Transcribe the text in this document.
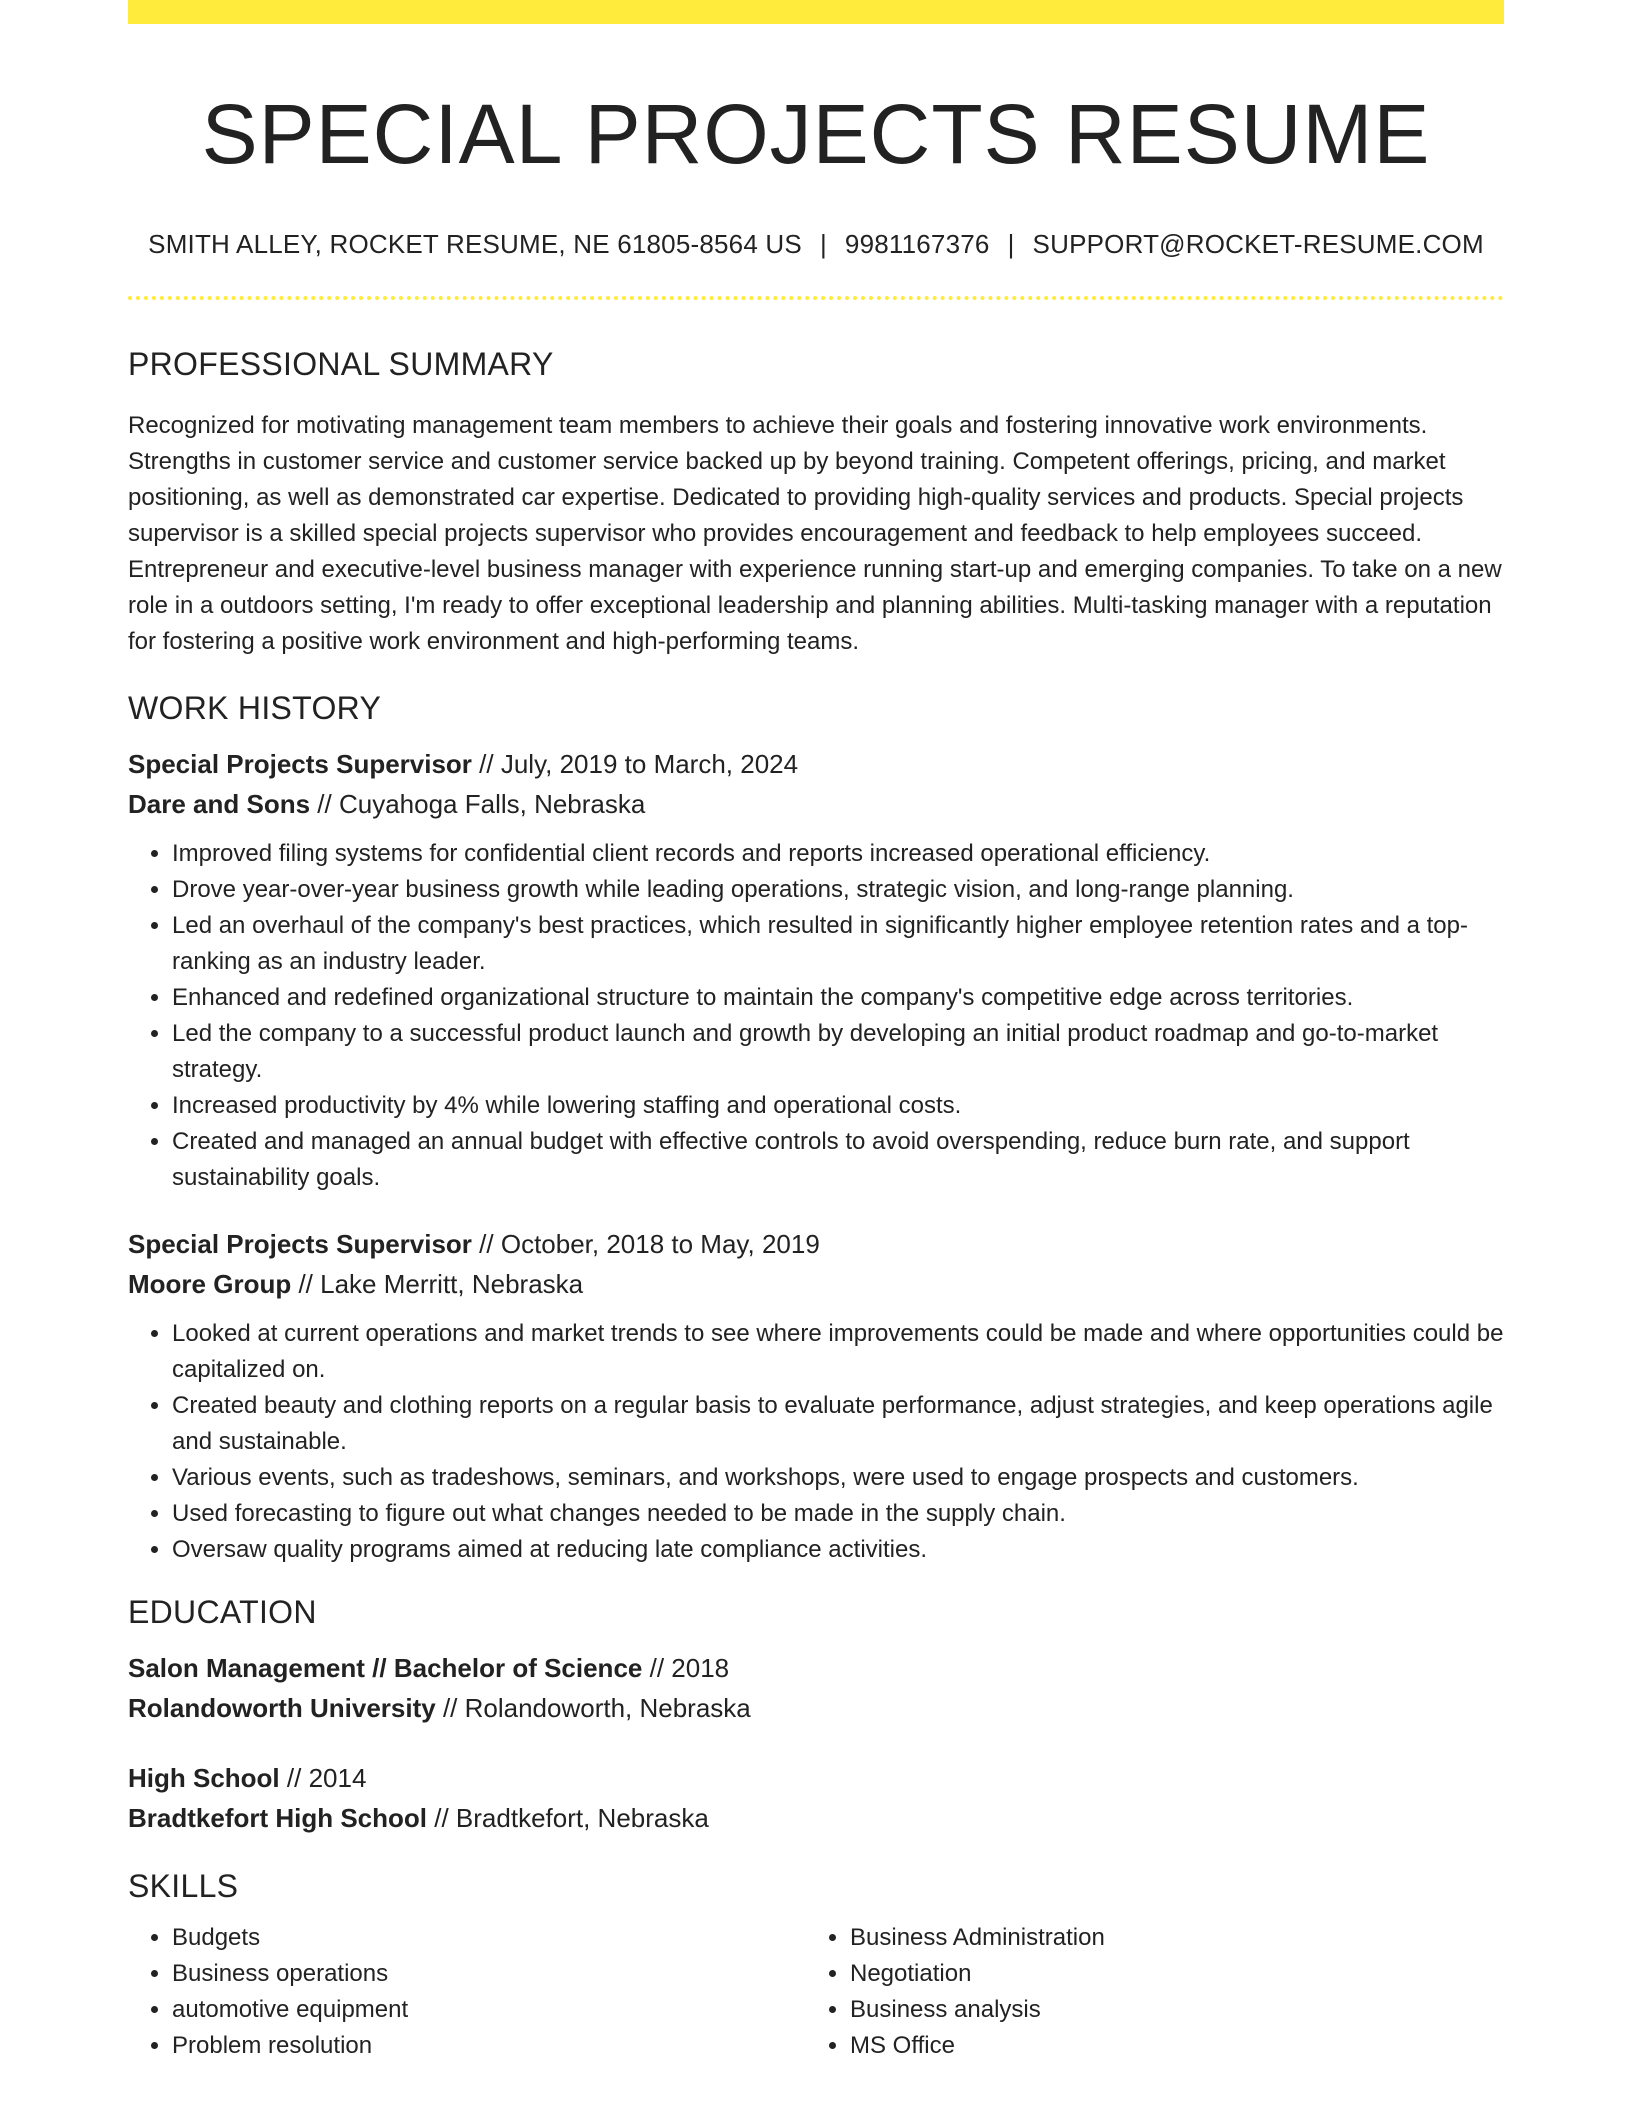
SPECIAL PROJECTS RESUME
SMITH ALLEY, ROCKET RESUME, NE 61805-8564 US | 9981167376 | SUPPORT@ROCKET-RESUME.COM
PROFESSIONAL SUMMARY
Recognized for motivating management team members to achieve their goals and fostering innovative work environments. Strengths in customer service and customer service backed up by beyond training. Competent offerings, pricing, and market positioning, as well as demonstrated car expertise. Dedicated to providing high-quality services and products. Special projects supervisor is a skilled special projects supervisor who provides encouragement and feedback to help employees succeed. Entrepreneur and executive-level business manager with experience running start-up and emerging companies. To take on a new role in a outdoors setting, I'm ready to offer exceptional leadership and planning abilities. Multi-tasking manager with a reputation for fostering a positive work environment and high-performing teams.
WORK HISTORY
Special Projects Supervisor // July, 2019 to March, 2024
Dare and Sons // Cuyahoga Falls, Nebraska
• Improved filing systems for confidential client records and reports increased operational efficiency.
• Drove year-over-year business growth while leading operations, strategic vision, and long-range planning.
• Led an overhaul of the company's best practices, which resulted in significantly higher employee retention rates and a top-ranking as an industry leader.
• Enhanced and redefined organizational structure to maintain the company's competitive edge across territories.
• Led the company to a successful product launch and growth by developing an initial product roadmap and go-to-market strategy.
• Increased productivity by 4% while lowering staffing and operational costs.
• Created and managed an annual budget with effective controls to avoid overspending, reduce burn rate, and support sustainability goals.
Special Projects Supervisor // October, 2018 to May, 2019
Moore Group // Lake Merritt, Nebraska
• Looked at current operations and market trends to see where improvements could be made and where opportunities could be capitalized on.
• Created beauty and clothing reports on a regular basis to evaluate performance, adjust strategies, and keep operations agile and sustainable.
• Various events, such as tradeshows, seminars, and workshops, were used to engage prospects and customers.
• Used forecasting to figure out what changes needed to be made in the supply chain.
• Oversaw quality programs aimed at reducing late compliance activities.
EDUCATION
Salon Management // Bachelor of Science // 2018
Rolandoworth University // Rolandoworth, Nebraska
High School // 2014
Bradtkefort High School // Bradtkefort, Nebraska
SKILLS
• Budgets
• Business operations
• automotive equipment
• Problem resolution
• Business Administration
• Negotiation
• Business analysis
• MS Office
